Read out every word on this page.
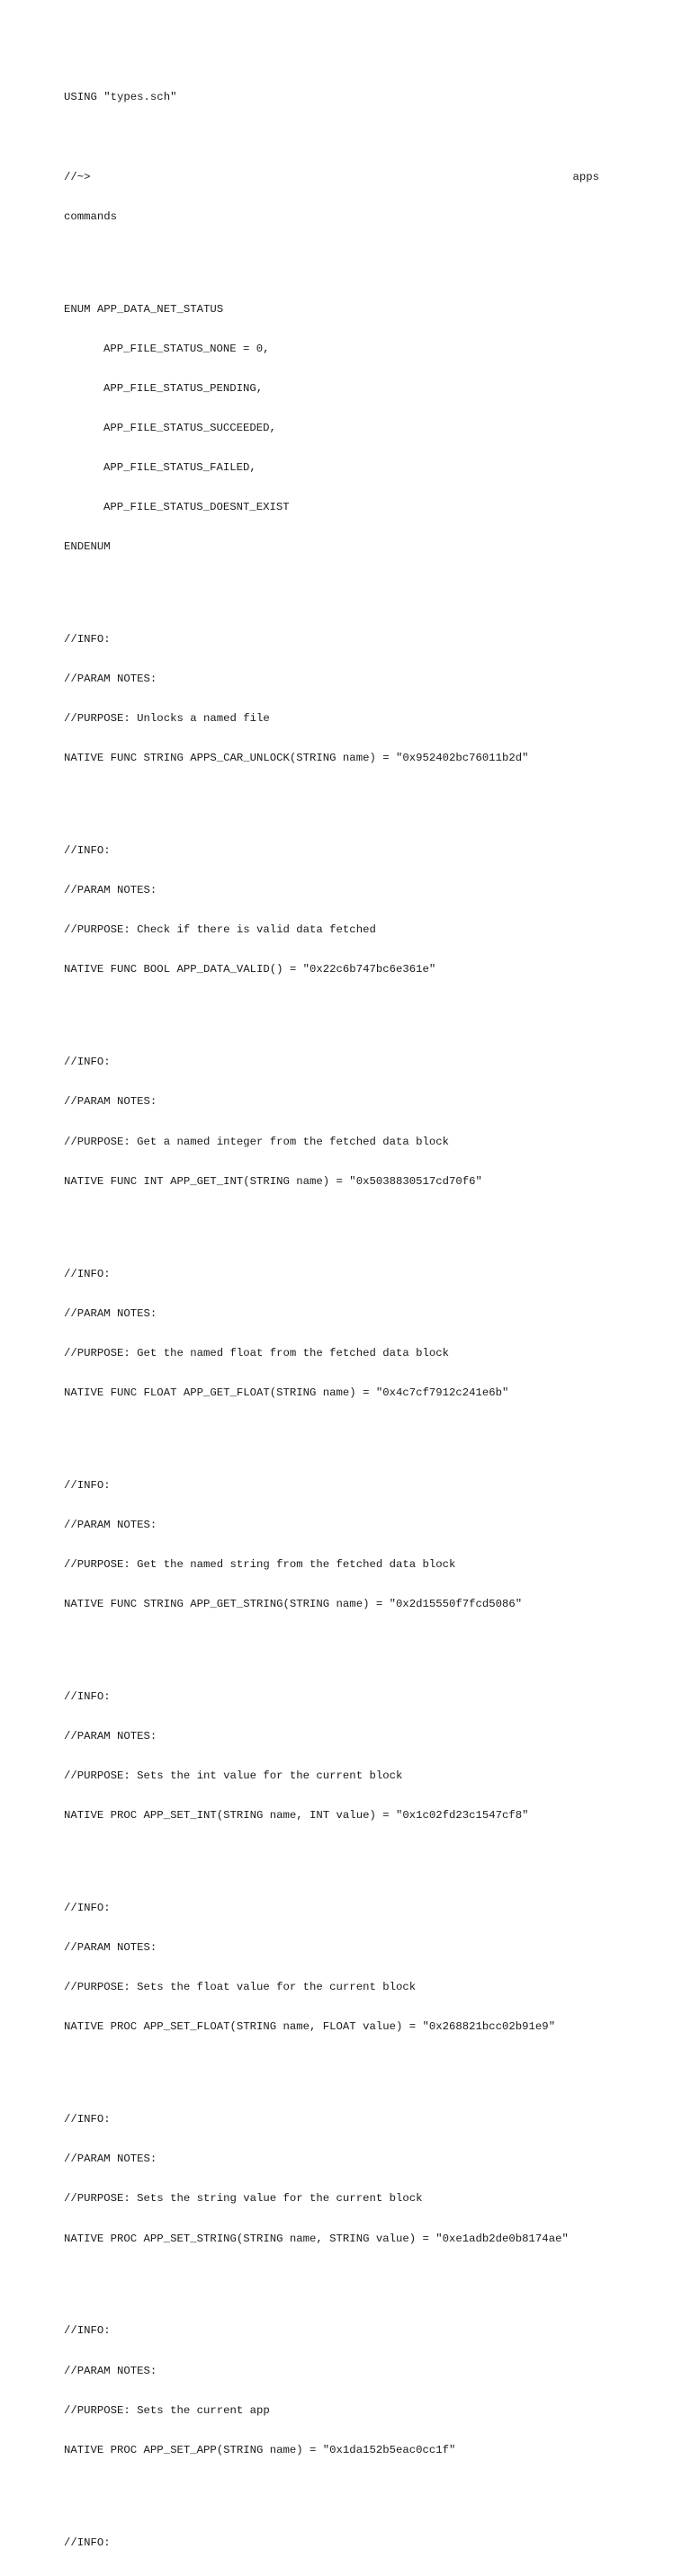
USING "types.sch"

//~>	apps

commands

ENUM APP_DATA_NET_STATUS

APP_FILE_STATUS_NONE = 0,

APP_FILE_STATUS_PENDING,

APP_FILE_STATUS_SUCCEEDED,

APP_FILE_STATUS_FAILED,

APP_FILE_STATUS_DOESNT_EXIST

ENDENUM

//INFO:

//PARAM NOTES:

//PURPOSE: Unlocks a named file

NATIVE FUNC STRING APPS_CAR_UNLOCK(STRING name) = "0x952402bc76011b2d"

//INFO:

//PARAM NOTES:

//PURPOSE: Check if there is valid data fetched

NATIVE FUNC BOOL APP_DATA_VALID() = "0x22c6b747bc6e361e"

//INFO:

//PARAM NOTES:

//PURPOSE: Get a named integer from the fetched data block

NATIVE FUNC INT APP_GET_INT(STRING name) = "0x5038830517cd70f6"

//INFO:

//PARAM NOTES:

//PURPOSE: Get the named float from the fetched data block

NATIVE FUNC FLOAT APP_GET_FLOAT(STRING name) = "0x4c7cf7912c241e6b"

//INFO:

//PARAM NOTES:

//PURPOSE: Get the named string from the fetched data block

NATIVE FUNC STRING APP_GET_STRING(STRING name) = "0x2d15550f7fcd5086"

//INFO:

//PARAM NOTES:

//PURPOSE: Sets the int value for the current block

NATIVE PROC APP_SET_INT(STRING name, INT value) = "0x1c02fd23c1547cf8"

//INFO:

//PARAM NOTES:

//PURPOSE: Sets the float value for the current block

NATIVE PROC APP_SET_FLOAT(STRING name, FLOAT value) = "0x268821bcc02b91e9"

//INFO:

//PARAM NOTES:

//PURPOSE: Sets the string value for the current block

NATIVE PROC APP_SET_STRING(STRING name, STRING value) = "0xe1adb2de0b8174ae"

//INFO:

//PARAM NOTES:

//PURPOSE: Sets the current app

NATIVE PROC APP_SET_APP(STRING name) = "0x1da152b5eac0cc1f"

//INFO:
